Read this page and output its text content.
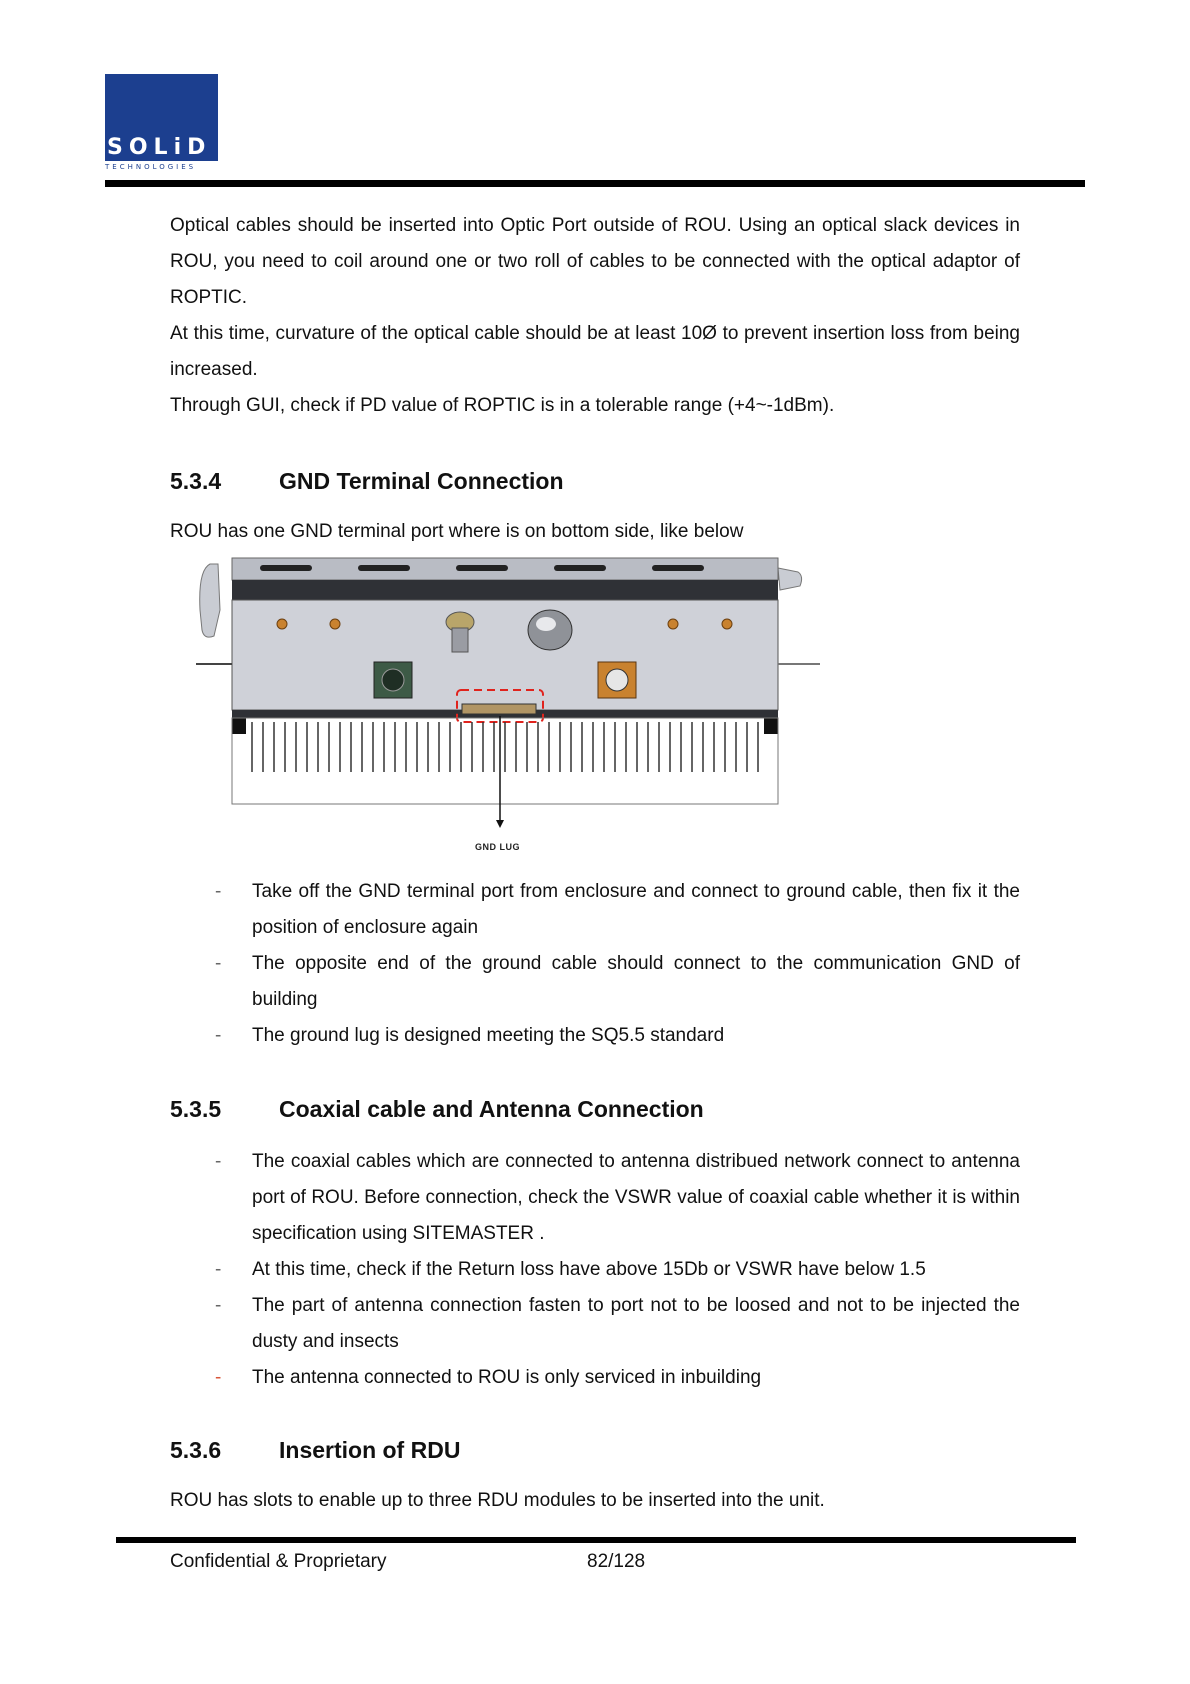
SOLiD
TECHNOLOGIES

Optical cables should be inserted into Optic Port outside of ROU. Using an optical slack devices in ROU, you need to coil around one or two roll of cables to be connected with the optical adaptor of ROPTIC.

At this time, curvature of the optical cable should be at least 10Ø to prevent insertion loss from being increased.

Through GUI, check if PD value of ROPTIC is in a tolerable range (+4~-1dBm).

5.3.4	GND Terminal Connection

ROU has one GND terminal port where is on bottom side, like below

GND LUG
- Take off the GND terminal port from enclosure and connect to ground cable, then fix it the position of enclosure again
- The opposite end of the ground cable should connect to the communication GND of building
- The ground lug is designed meeting the SQ5.5 standard
5.3.5	Coaxial cable and Antenna Connection
- The coaxial cables which are connected to antenna distribued network connect to antenna port of ROU. Before connection, check the VSWR value of coaxial cable whether it is within specification using SITEMASTER .
- At this time, check if the Return loss have above 15Db or VSWR have below 1.5
- The part of antenna connection fasten to port not to be loosed and not to be injected the dusty and insects
- The antenna connected to ROU is only serviced in inbuilding
5.3.6	Insertion of RDU

ROU has slots to enable up to three RDU modules to be inserted into the unit.

Confidential & Proprietary	82/128
